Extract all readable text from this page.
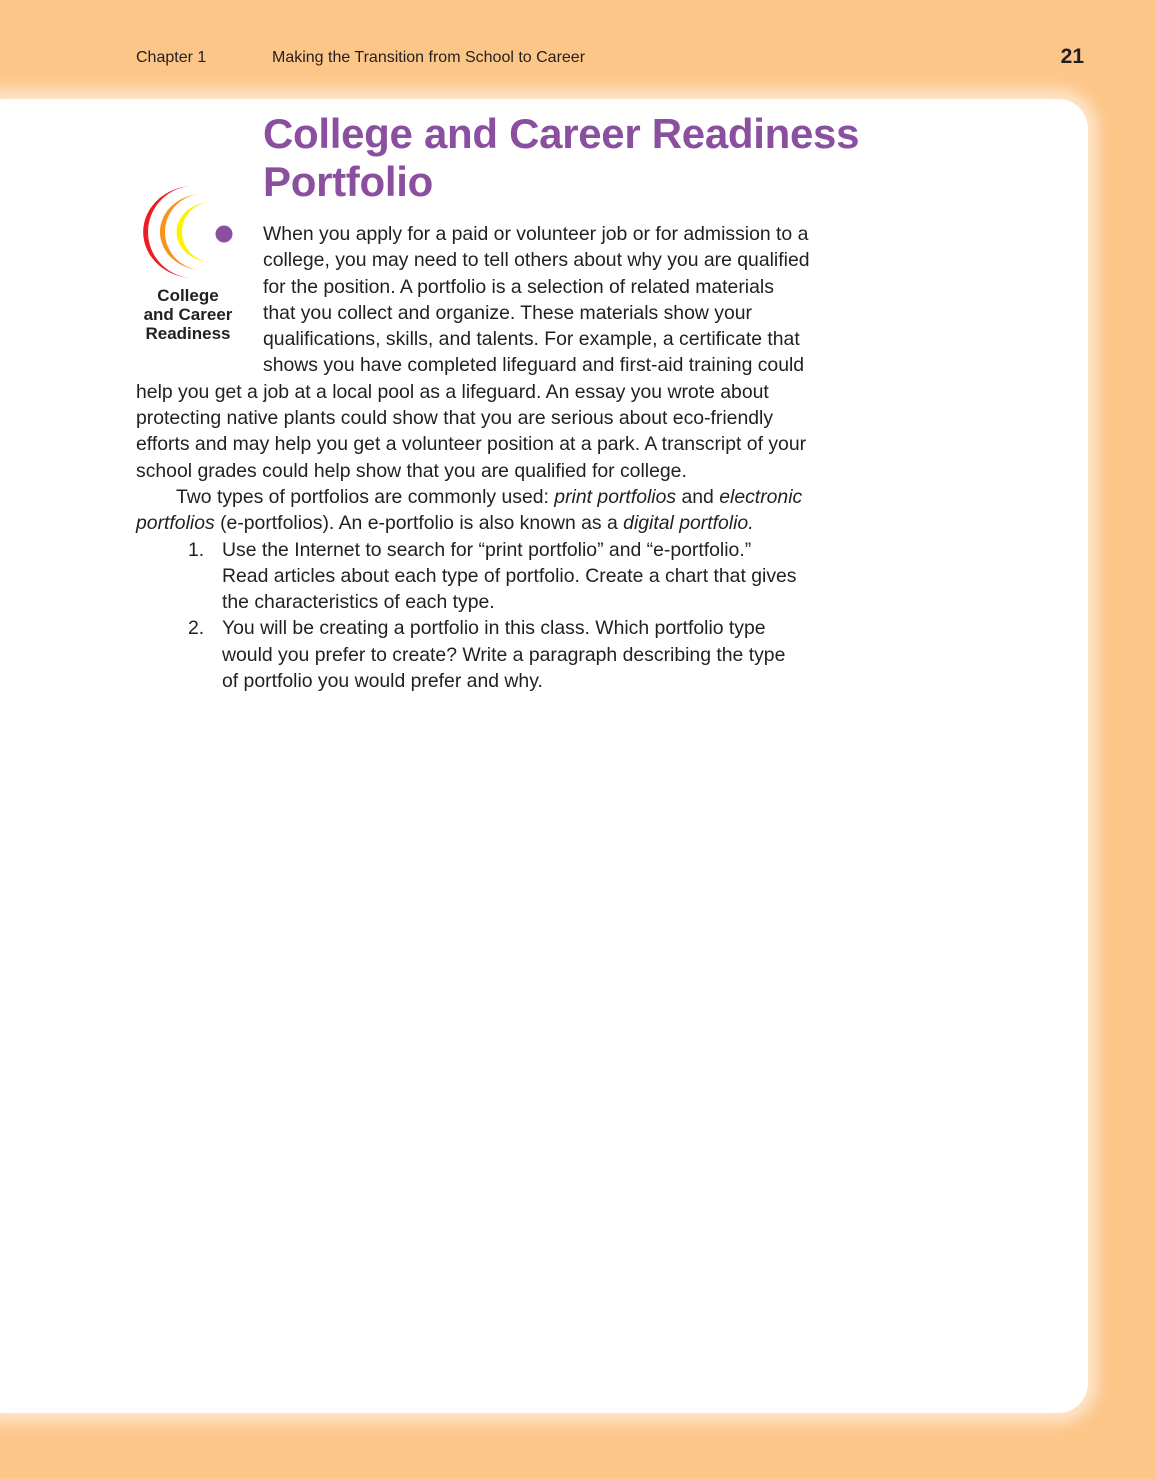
Chapter 1	Making the Transition from School to Career	21
College
and Career
Readiness
College and Career Readiness
Portfolio
When you apply for a paid or volunteer job or for admission to a
college, you may need to tell others about why you are qualified
for the position. A portfolio is a selection of related materials
that you collect and organize. These materials show your
qualifications, skills, and talents. For example, a certificate that
shows you have completed lifeguard and first-aid training could
help you get a job at a local pool as a lifeguard. An essay you wrote about
protecting native plants could show that you are serious about eco-friendly
efforts and may help you get a volunteer position at a park. A transcript of your
school grades could help show that you are qualified for college.
Two types of portfolios are commonly used: print portfolios and electronic
portfolios (e-portfolios). An e-portfolio is also known as a digital portfolio.
1. Use the Internet to search for “print portfolio” and “e-portfolio.”
Read articles about each type of portfolio. Create a chart that gives
the characteristics of each type.
2. You will be creating a portfolio in this class. Which portfolio type
would you prefer to create? Write a paragraph describing the type
of portfolio you would prefer and why.
